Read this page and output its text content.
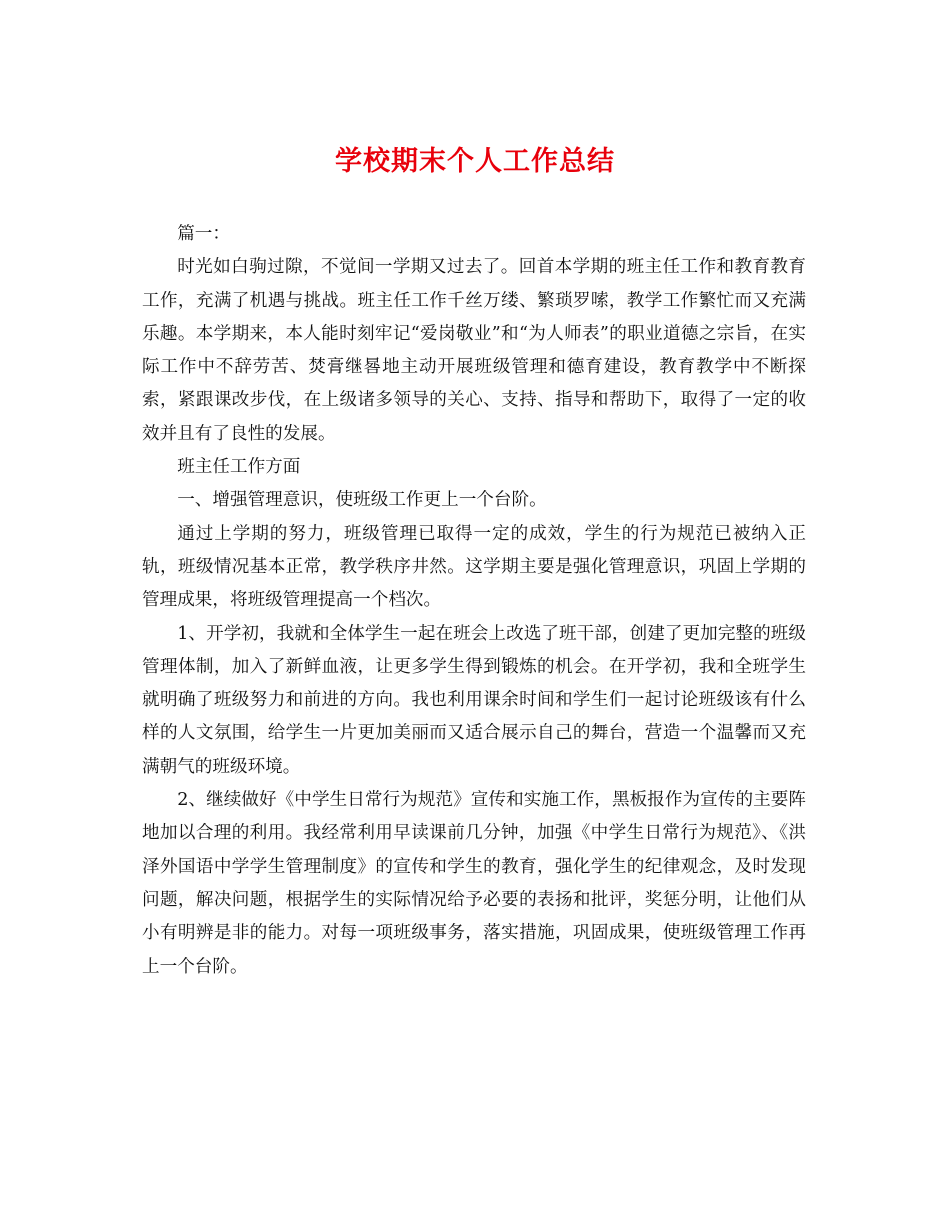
学校期末个人工作总结

篇一：

时光如白驹过隙，不觉间一学期又过去了。回首本学期的班主任工作和教育教育工作，充满了机遇与挑战。班主任工作千丝万缕、繁琐罗嗦，教学工作繁忙而又充满乐趣。本学期来，本人能时刻牢记“爱岗敬业”和“为人师表”的职业道德之宗旨，在实际工作中不辞劳苦、焚膏继晷地主动开展班级管理和德育建设，教育教学中不断探索，紧跟课改步伐，在上级诸多领导的关心、支持、指导和帮助下，取得了一定的收效并且有了良性的发展。

班主任工作方面

一、增强管理意识，使班级工作更上一个台阶。

通过上学期的努力，班级管理已取得一定的成效，学生的行为规范已被纳入正轨，班级情况基本正常，教学秩序井然。这学期主要是强化管理意识，巩固上学期的管理成果，将班级管理提高一个档次。

1、开学初，我就和全体学生一起在班会上改选了班干部，创建了更加完整的班级管理体制，加入了新鲜血液，让更多学生得到锻炼的机会。在开学初，我和全班学生就明确了班级努力和前进的方向。我也利用课余时间和学生们一起讨论班级该有什么样的人文氛围，给学生一片更加美丽而又适合展示自己的舞台，营造一个温馨而又充满朝气的班级环境。

2、继续做好《中学生日常行为规范》宣传和实施工作，黑板报作为宣传的主要阵地加以合理的利用。我经常利用早读课前几分钟，加强《中学生日常行为规范》、《洪泽外国语中学学生管理制度》的宣传和学生的教育，强化学生的纪律观念，及时发现问题，解决问题，根据学生的实际情况给予必要的表扬和批评，奖惩分明，让他们从小有明辨是非的能力。对每一项班级事务，落实措施，巩固成果，使班级管理工作再上一个台阶。
